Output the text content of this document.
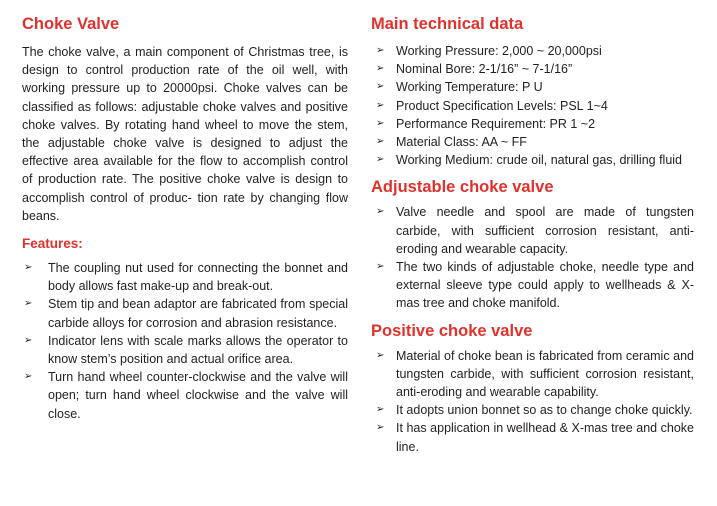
Choke Valve

The choke valve, a main component of Christmas tree, is design to control production rate of the oil well, with working pressure up to 20000psi. Choke valves can be classified as follows: adjustable choke valves and positive choke valves. By rotating hand wheel to move the stem, the adjustable choke valve is designed to adjust the effective area available for the flow to accomplish control of production rate. The positive choke valve is design to accomplish control of produc- tion rate by changing flow beans.

Features:
➢ The coupling nut used for connecting the bonnet and body allows fast make-up and break-out.
➢ Stem tip and bean adaptor are fabricated from special carbide alloys for corrosion and abrasion resistance.
➢ Indicator lens with scale marks allows the operator to know stem’s position and actual orifice area.
➢ Turn hand wheel counter-clockwise and the valve will open; turn hand wheel clockwise and the valve will close.
Main technical data
➢ Working Pressure: 2,000 ~ 20,000psi
➢ Nominal Bore: 2-1/16” ~ 7-1/16”
➢ Working Temperature: P U
➢ Product Specification Levels: PSL 1~4
➢ Performance Requirement: PR 1 ~2
➢ Material Class: AA ~ FF
➢ Working Medium: crude oil, natural gas, drilling fluid
Adjustable choke valve
➢ Valve needle and spool are made of tungsten carbide, with sufficient corrosion resistant, anti-eroding and wearable capacity.
➢ The two kinds of adjustable choke, needle type and external sleeve type could apply to wellheads & X-mas tree and choke manifold.
Positive choke valve
➢ Material of choke bean is fabricated from ceramic and tungsten carbide, with sufficient corrosion resistant, anti-eroding and wearable capability.
➢ It adopts union bonnet so as to change choke quickly.
➢ It has application in wellhead & X-mas tree and choke line.
